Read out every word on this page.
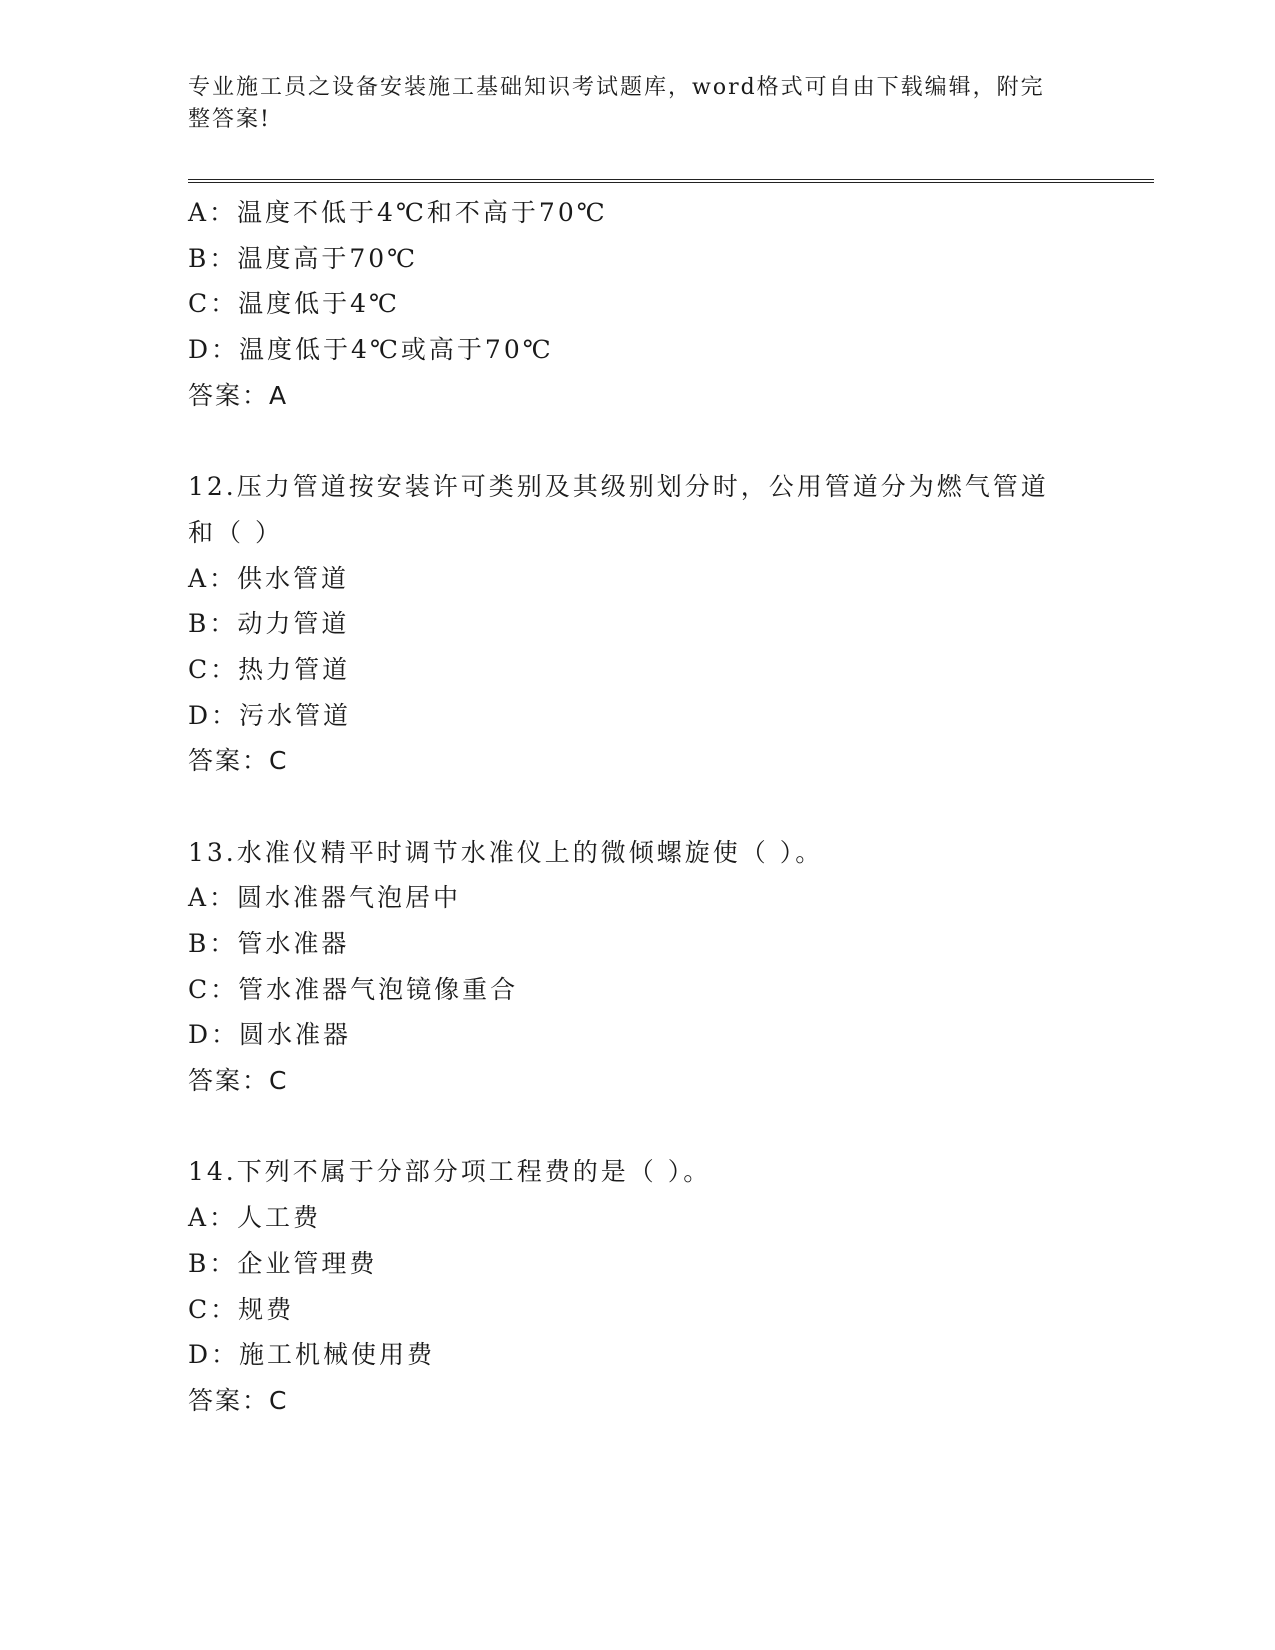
专业施工员之设备安装施工基础知识考试题库，word格式可自由下载编辑，附完整答案!
A：温度不低于4℃和不高于70℃
B：温度高于70℃
C：温度低于4℃
D：温度低于4℃或高于70℃
答案：A
12.压力管道按安装许可类别及其级别划分时，公用管道分为燃气管道
和（ ）
A：供水管道
B：动力管道
C：热力管道
D：污水管道
答案：C
13.水准仪精平时调节水准仪上的微倾螺旋使（ ）。
A：圆水准器气泡居中
B：管水准器
C：管水准器气泡镜像重合
D：圆水准器
答案：C
14.下列不属于分部分项工程费的是（ ）。
A：人工费
B：企业管理费
C：规费
D：施工机械使用费
答案：C
